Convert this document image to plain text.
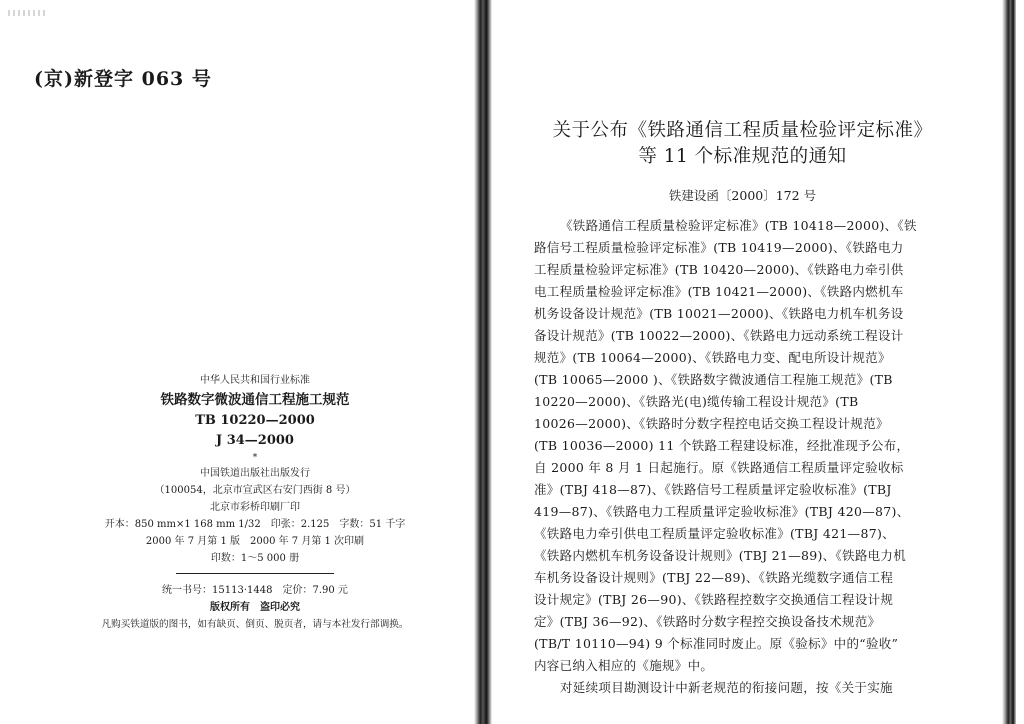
(京)新登字 063 号
中华人民共和国行业标准
铁路数字微波通信工程施工规范
TB 10220—2000
J 34—2000
*
中国铁道出版社出版发行
（100054，北京市宣武区右安门西街 8 号）
北京市彩桥印刷厂印
开本：850 mm×1 168 mm 1/32　印张：2.125　字数：51 千字
2000 年 7 月第 1 版　2000 年 7 月第 1 次印刷
印数：1～5 000 册
统一书号：15113·1448　定价：7.90 元
版权所有　盗印必究
凡购买铁道版的图书，如有缺页、倒页、脱页者，请与本社发行部调换。
关于公布《铁路通信工程质量检验评定标准》
等 11 个标准规范的通知
铁建设函〔2000〕172 号
《铁路通信工程质量检验评定标准》(TB 10418—2000)、《铁
路信号工程质量检验评定标准》(TB 10419—2000)、《铁路电力
工程质量检验评定标准》(TB 10420—2000)、《铁路电力牵引供
电工程质量检验评定标准》(TB 10421—2000)、《铁路内燃机车
机务设备设计规范》(TB 10021—2000)、《铁路电力机车机务设
备设计规范》(TB 10022—2000)、《铁路电力远动系统工程设计
规范》(TB 10064—2000)、《铁路电力变、配电所设计规范》
(TB 10065—2000 )、《铁路数字微波通信工程施工规范》(TB
10220—2000)、《铁路光(电)缆传输工程设计规范》(TB
10026—2000)、《铁路时分数字程控电话交换工程设计规范》
(TB 10036—2000) 11 个铁路工程建设标准，经批准现予公布，
自 2000 年 8 月 1 日起施行。原《铁路通信工程质量评定验收标
准》(TBJ 418—87)、《铁路信号工程质量评定验收标准》(TBJ
419—87)、《铁路电力工程质量评定验收标准》(TBJ 420—87)、
《铁路电力牵引供电工程质量评定验收标准》(TBJ 421—87)、
《铁路内燃机车机务设备设计规则》(TBJ 21—89)、《铁路电力机
车机务设备设计规则》(TBJ 22—89)、《铁路光缆数字通信工程
设计规定》(TBJ 26—90)、《铁路程控数字交换通信工程设计规
定》(TBJ 36—92)、《铁路时分数字程控交换设备技术规范》
(TB/T 10110—94) 9 个标准同时废止。原《验标》中的“验收”
内容已纳入相应的《施规》中。
对延续项目勘测设计中新老规范的衔接问题，按《关于实施
